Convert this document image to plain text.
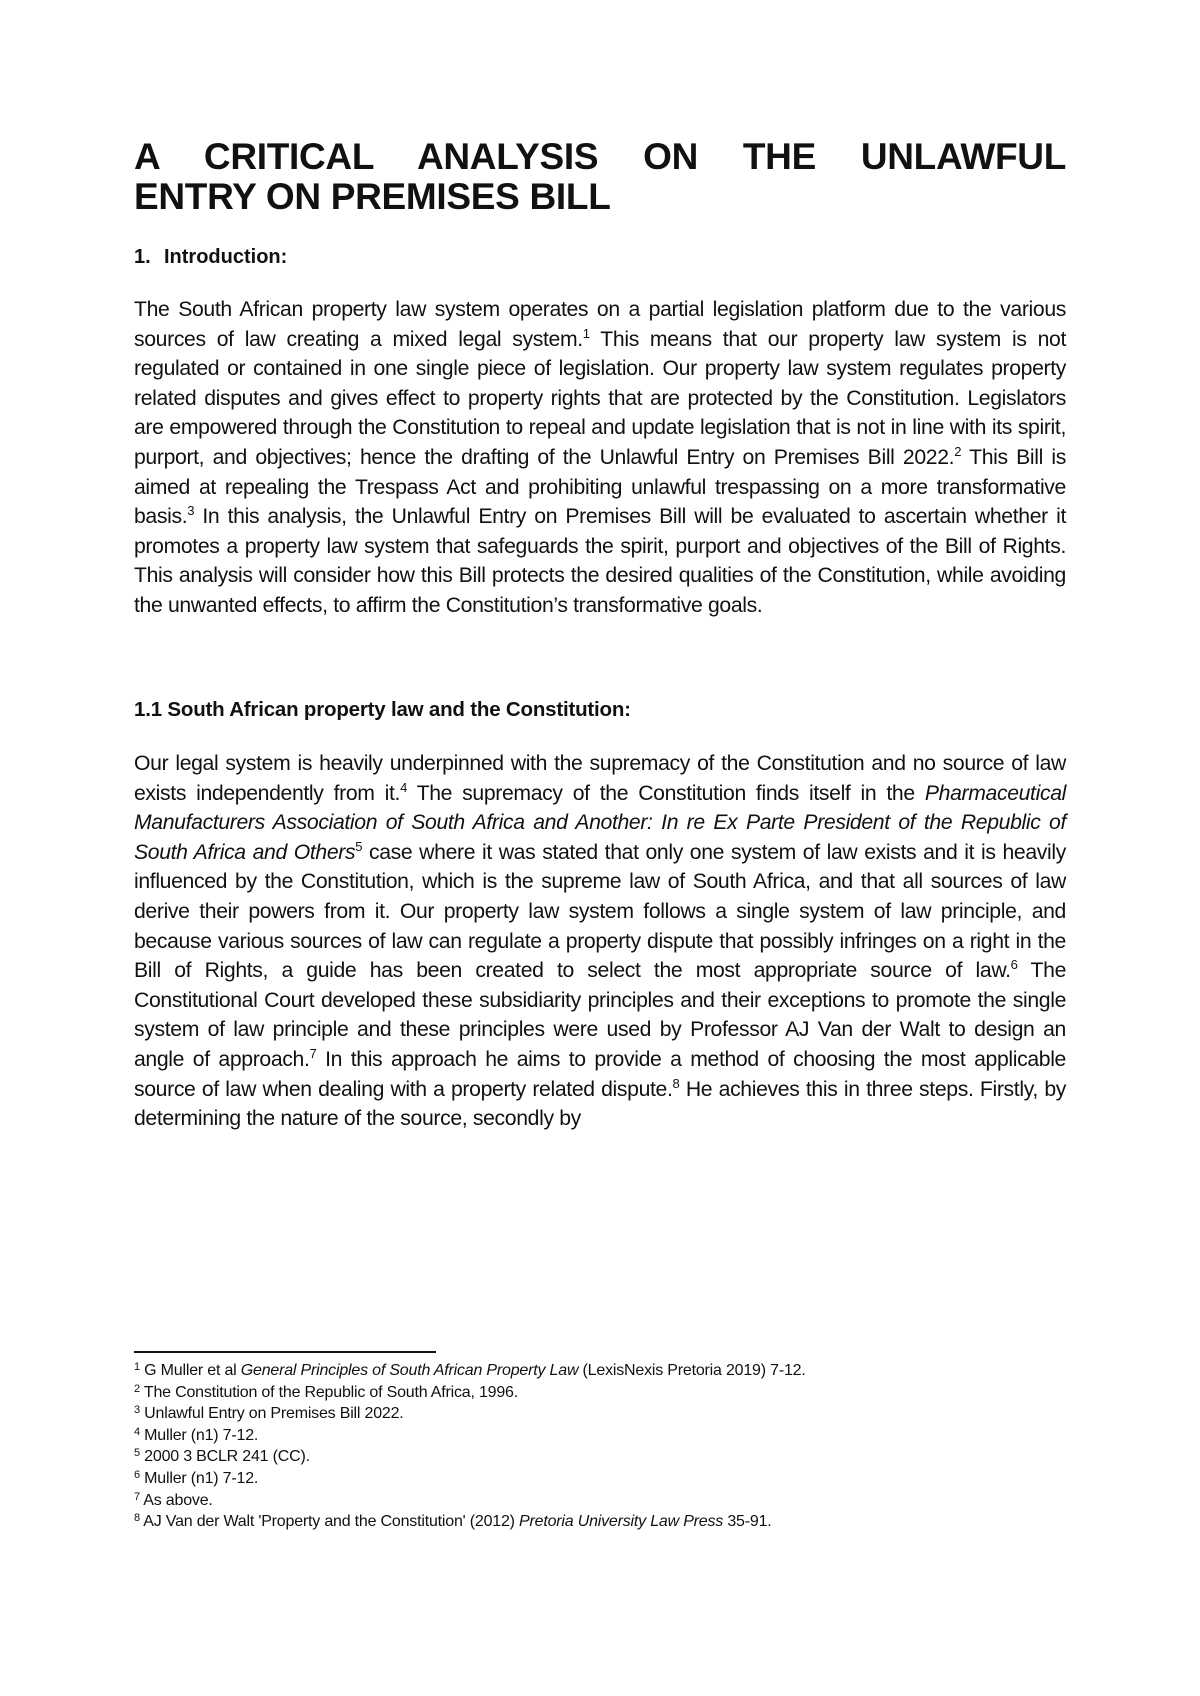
A CRITICAL ANALYSIS ON THE UNLAWFUL
ENTRY ON PREMISES BILL
1. Introduction:

The South African property law system operates on a partial legislation platform due to the various sources of law creating a mixed legal system.$^1$ This means that our property law system is not regulated or contained in one single piece of legislation. Our property law system regulates property related disputes and gives effect to property rights that are protected by the Constitution. Legislators are empowered through the Constitution to repeal and update legislation that is not in line with its spirit, purport, and objectives; hence the drafting of the Unlawful Entry on Premises Bill 2022.$^2$ This Bill is aimed at repealing the Trespass Act and prohibiting unlawful trespassing on a more transformative basis.$^3$ In this analysis, the Unlawful Entry on Premises Bill will be evaluated to ascertain whether it promotes a property law system that safeguards the spirit, purport and objectives of the Bill of Rights. This analysis will consider how this Bill protects the desired qualities of the Constitution, while avoiding the unwanted effects, to affirm the Constitution’s transformative goals.

1.1 South African property law and the Constitution:

Our legal system is heavily underpinned with the supremacy of the Constitution and no source of law exists independently from it.$^4$ The supremacy of the Constitution finds itself in the Pharmaceutical Manufacturers Association of South Africa and Another: In re Ex Parte President of the Republic of South Africa and Others$^5$ case where it was stated that only one system of law exists and it is heavily influenced by the Constitution, which is the supreme law of South Africa, and that all sources of law derive their powers from it. Our property law system follows a single system of law principle, and because various sources of law can regulate a property dispute that possibly infringes on a right in the Bill of Rights, a guide has been created to select the most appropriate source of law.$^6$ The Constitutional Court developed these subsidiarity principles and their exceptions to promote the single system of law principle and these principles were used by Professor AJ Van der Walt to design an angle of approach.$^7$ In this approach he aims to provide a method of choosing the most applicable source of law when dealing with a property related dispute.$^8$ He achieves this in three steps. Firstly, by determining the nature of the source, secondly by

$^1$ G Muller et al General Principles of South African Property Law (LexisNexis Pretoria 2019) 7-12.
$^2$ The Constitution of the Republic of South Africa, 1996.
$^3$ Unlawful Entry on Premises Bill 2022.
$^4$ Muller (n1) 7-12.
$^5$ 2000 3 BCLR 241 (CC).
$^6$ Muller (n1) 7-12.
$^7$ As above.
$^8$ AJ Van der Walt 'Property and the Constitution' (2012) Pretoria University Law Press 35-91.
